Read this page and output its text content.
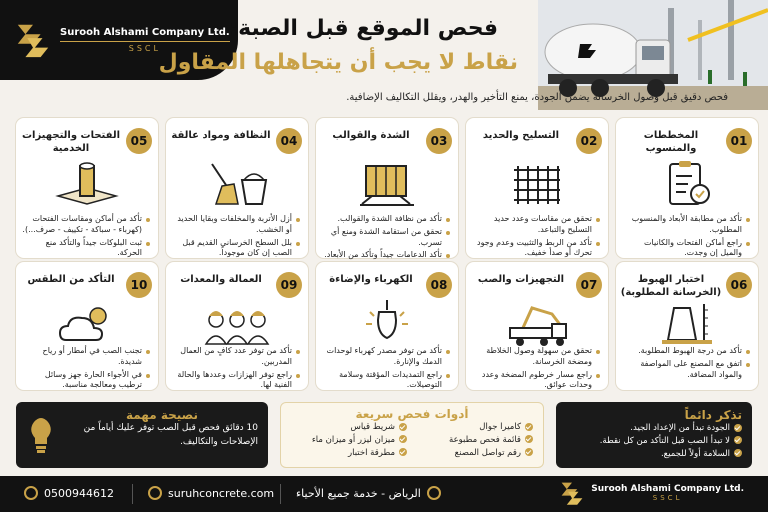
Surooh Alshami Company Ltd.
SSCL
فحص الموقع قبل الصبة:
نقاط لا يجب أن يتجاهلها المقاول
فحص دقيق قبل وصول الخرسانة يضمن الجودة، يمنع التأخير والهدر، ويقلل التكاليف الإضافية.
01
المخططات والمنسوب
تأكد من مطابقة الأبعاد والمنسوب المطلوب.
راجع أماكن الفتحات والكانيات والميل إن وجدت.
02
التسليح والحديد
تحقق من مقاسات وعدد حديد التسليح والتباعد.
تأكد من الربط والتثبيت وعدم وجود تحرك أو صدأ خفيف.
03
الشدة والقوالب
تأكد من نظافة الشدة والقوالب.
تحقق من استقامة الشدة ومنع أي تسرب.
تأكد الدعامات جيداً وتأكد من الأبعاد.
04
النظافة ومواد عالقة
أزل الأتربة والمخلفات وبقايا الحديد أو الخشب.
بلل السطح الخرساني القديم قبل الصب إن كان موجوداً.
05
الفتحات والتجهيزات الخدمية
تأكد من أماكن ومقاسات الفتحات (كهرباء - سباكة - تكييف - صرف...).
ثبت البلوكات جيداً والتأكد منع الحركة.
06
اختبار الهبوط (الخرسانة المطلوبة)
تأكد من درجة الهبوط المطلوبة.
اتفق مع المصنع على المواصفة والمواد المضافة.
07
التجهيزات والصب
تحقق من سهولة وصول الخلاطة ومضخة الخرسانة.
راجع مسار خرطوم المضخة وعدد وحدات عوائق.
08
الكهرباء والإضاءة
تأكد من توفر مصدر كهرباء لوحدات الدمك والإنارة.
راجع التمديدات المؤقتة وسلامة التوصيلات.
09
العمالة والمعدات
تأكد من توفر عدد كافٍ من العمال المدربين.
راجع توفر الهزازات وعددها والحالة الفنية لها.
10
التأكد من الطقس
تجنب الصب في أمطار أو رياح شديدة.
في الأجواء الحارة جهز وسائل ترطيب ومعالجة مناسبة.
تذكر دائماً
الجودة تبدأ من الإعداد الجيد.
لا تبدأ الصب قبل التأكد من كل نقطة.
السلامة أولاً للجميع.
أدوات فحص سريعة
كاميرا جوال
شريط قياس
قائمة فحص مطبوعة
ميزان ليزر أو ميزان ماء
رقم تواصل المصنع
مطرقة اختبار
نصيحة مهمة
10 دقائق فحص قبل الصب توفر عليك أياماً من الإصلاحات والتكاليف.
0500944612	suruhconcrete.com الرياض - خدمة جميع الأحياء	Surooh Alshami Company Ltd.
SSCL
